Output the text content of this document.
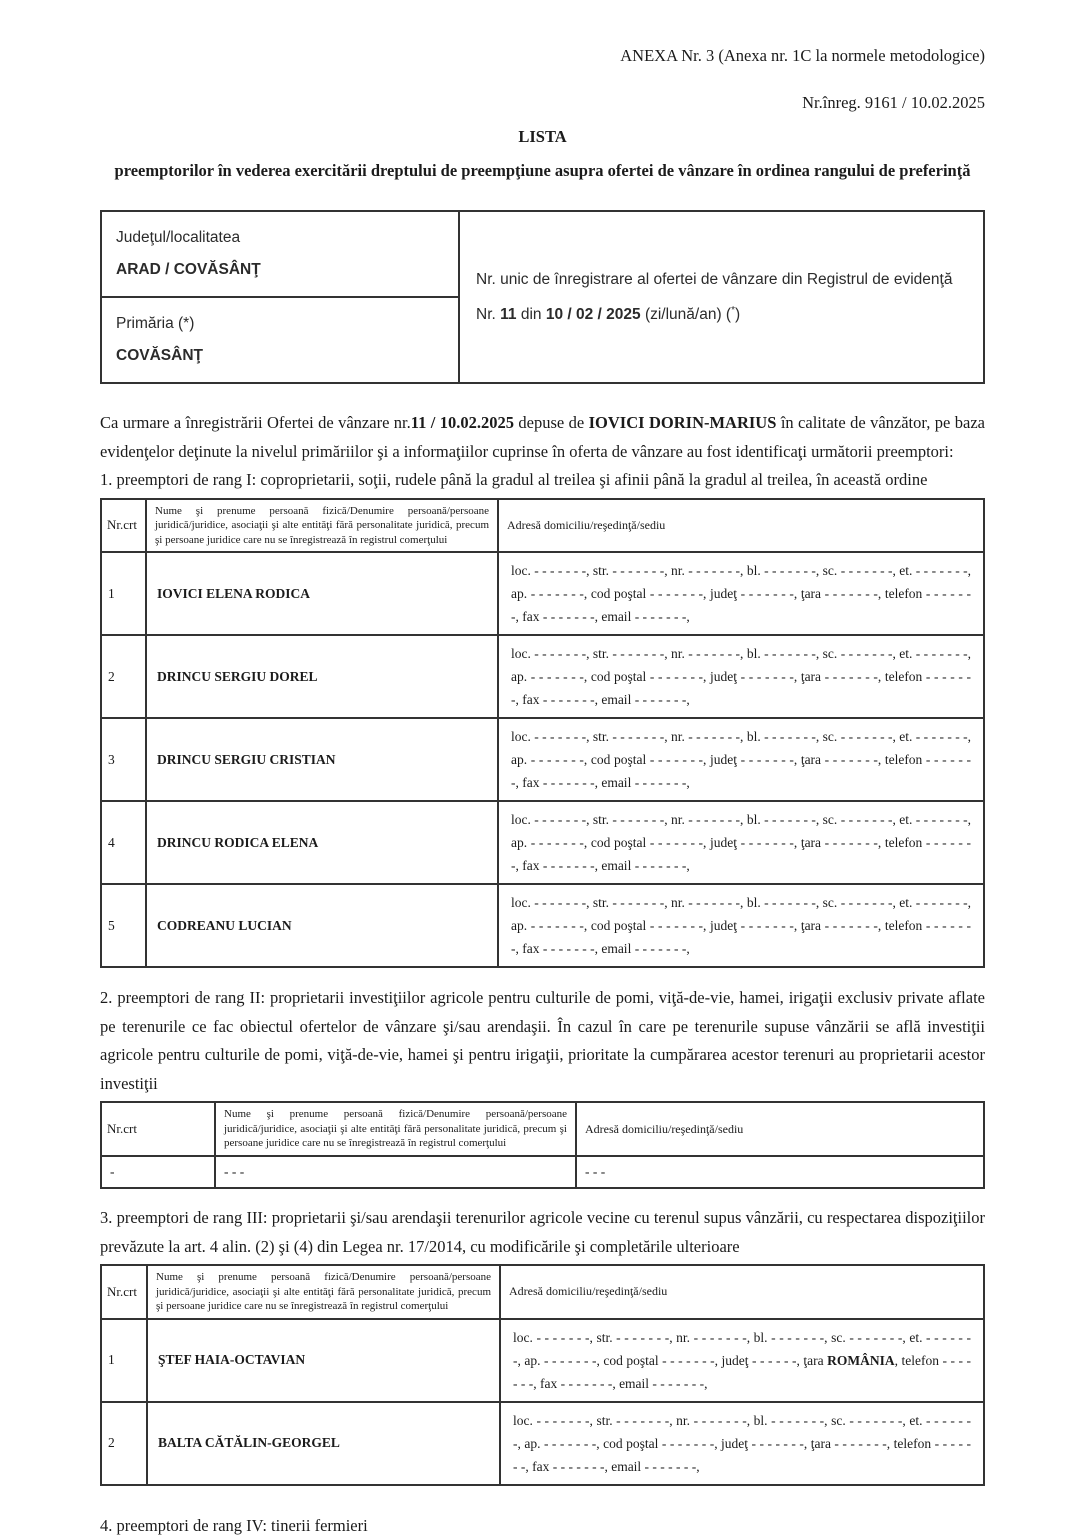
ANEXA Nr. 3 (Anexa nr. 1C la normele metodologice)
Nr.înreg. 9161 / 10.02.2025
LISTA
preemptorilor în vederea exercitării dreptului de preempţiune asupra ofertei de vânzare în ordinea rangului de preferinţă
Judeţul/localitatea
ARAD / COVĂSÂNŢ

Nr. unic de înregistrare al ofertei de vânzare din Registrul de evidenţă
Nr. 11 din 10 / 02 / 2025 (zi/lună/an) (*)

Primăria (*)
COVĂSÂNŢ

Ca urmare a înregistrării Ofertei de vânzare nr.11 / 10.02.2025 depuse de IOVICI DORIN-MARIUS în calitate de vânzător, pe baza evidenţelor deţinute la nivelul primăriilor şi a informaţiilor cuprinse în oferta de vânzare au fost identificaţi următorii preemptori:

1. preemptori de rang I: coproprietarii, soţii, rudele până la gradul al treilea şi afinii până la gradul al treilea, în această ordine

Nr.crt	Nume şi prenume persoană fizică/Denumire persoană/persoane juridică/juridice, asociaţii şi alte entităţi fără personalitate juridică, precum şi persoane juridice care nu se înregistrează în registrul comerţului	Adresă domiciliu/reşedinţă/sediu
1	IOVICI ELENA RODICA	loc. - - - - - - -, str. - - - - - - -, nr. - - - - - - -, bl. - - - - - - -, sc. - - - - - - -, et. - - - - - - -, ap. - - - - - - -, cod poştal - - - - - - -, judeţ - - - - - - -, ţara - - - - - - -, telefon - - - - - - -, fax - - - - - - -, email - - - - - - -,
2	DRINCU SERGIU DOREL	loc. - - - - - - -, str. - - - - - - -, nr. - - - - - - -, bl. - - - - - - -, sc. - - - - - - -, et. - - - - - - -, ap. - - - - - - -, cod poştal - - - - - - -, judeţ - - - - - - -, ţara - - - - - - -, telefon - - - - - - -, fax - - - - - - -, email - - - - - - -,
3	DRINCU SERGIU CRISTIAN	loc. - - - - - - -, str. - - - - - - -, nr. - - - - - - -, bl. - - - - - - -, sc. - - - - - - -, et. - - - - - - -, ap. - - - - - - -, cod poştal - - - - - - -, judeţ - - - - - - -, ţara - - - - - - -, telefon - - - - - - -, fax - - - - - - -, email - - - - - - -,
4	DRINCU RODICA ELENA	loc. - - - - - - -, str. - - - - - - -, nr. - - - - - - -, bl. - - - - - - -, sc. - - - - - - -, et. - - - - - - -, ap. - - - - - - -, cod poştal - - - - - - -, judeţ - - - - - - -, ţara - - - - - - -, telefon - - - - - - -, fax - - - - - - -, email - - - - - - -,
5	CODREANU LUCIAN	loc. - - - - - - -, str. - - - - - - -, nr. - - - - - - -, bl. - - - - - - -, sc. - - - - - - -, et. - - - - - - -, ap. - - - - - - -, cod poştal - - - - - - -, judeţ - - - - - - -, ţara - - - - - - -, telefon - - - - - - -, fax - - - - - - -, email - - - - - - -,

2. preemptori de rang II: proprietarii investiţiilor agricole pentru culturile de pomi, viţă-de-vie, hamei, irigaţii exclusiv private aflate pe terenurile ce fac obiectul ofertelor de vânzare şi/sau arendaşii. În cazul în care pe terenurile supuse vânzării se află investiţii agricole pentru culturile de pomi, viţă-de-vie, hamei şi pentru irigaţii, prioritate la cumpărarea acestor terenuri au proprietarii acestor investiţii

Nr.crt	Nume şi prenume persoană fizică/Denumire persoană/persoane juridică/juridice, asociaţii şi alte entităţi fără personalitate juridică, precum şi persoane juridice care nu se înregistrează în registrul comerţului	Adresă domiciliu/reşedinţă/sediu
-	- - -	- - -

3. preemptori de rang III: proprietarii şi/sau arendaşii terenurilor agricole vecine cu terenul supus vânzării, cu respectarea dispoziţiilor prevăzute la art. 4 alin. (2) şi (4) din Legea nr. 17/2014, cu modificările şi completările ulterioare

Nr.crt	Nume şi prenume persoană fizică/Denumire persoană/persoane juridică/juridice, asociaţii şi alte entităţi fără personalitate juridică, precum şi persoane juridice care nu se înregistrează în registrul comerţului	Adresă domiciliu/reşedinţă/sediu
1	ŞTEF HAIA-OCTAVIAN	loc. - - - - - - -, str. - - - - - - -, nr. - - - - - - -, bl. - - - - - - -, sc. - - - - - - -, et. - - - - - - -, ap. - - - - - - -, cod poştal - - - - - - -, judeţ - - - - - -, ţara ROMÂNIA, telefon - - - - - - -, fax - - - - - - -, email - - - - - - -,
2	BALTA CĂTĂLIN-GEORGEL	loc. - - - - - - -, str. - - - - - - -, nr. - - - - - - -, bl. - - - - - - -, sc. - - - - - - -, et. - - - - - - -, ap. - - - - - - -, cod poştal - - - - - - -, judeţ - - - - - - -, ţara - - - - - - -, telefon - - - - - - -, fax - - - - - - -, email - - - - - - -,

4. preemptori de rang IV: tinerii fermieri
